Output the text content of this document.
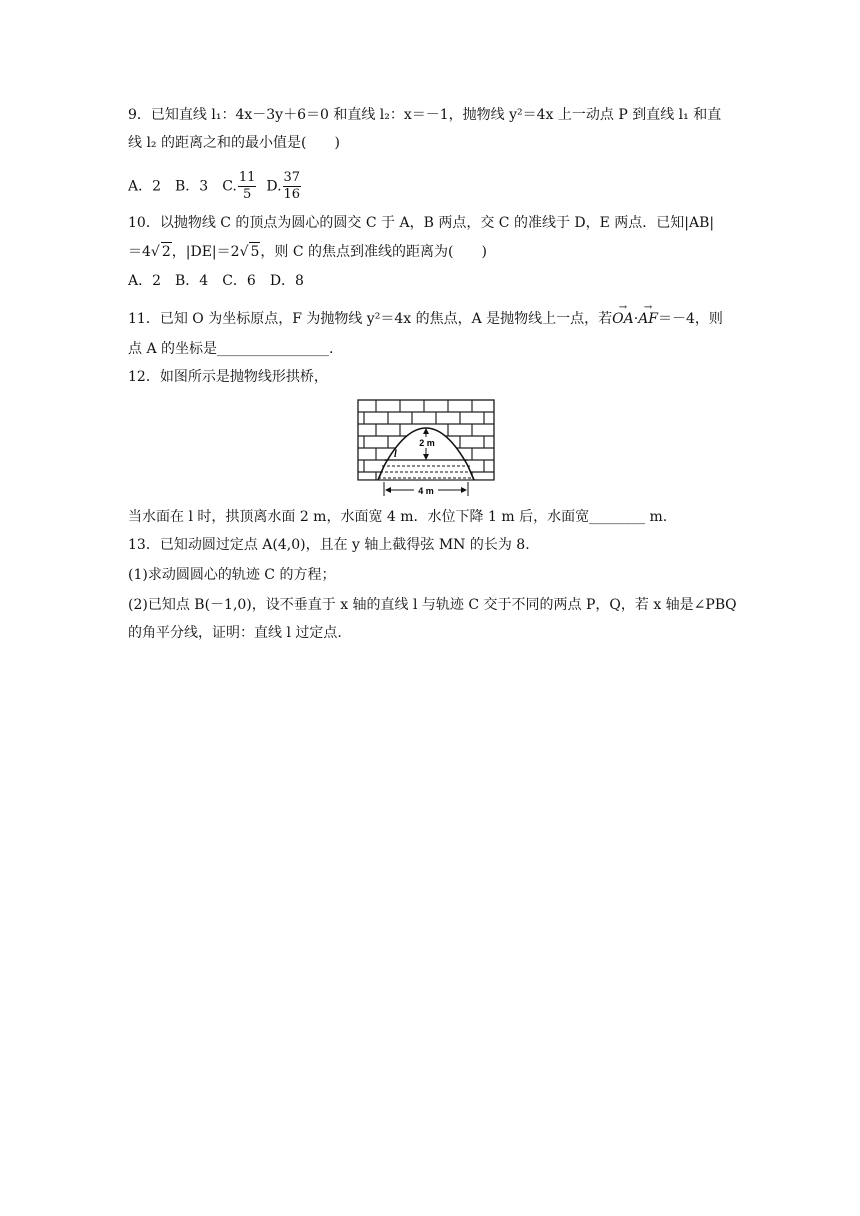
9．已知直线 l₁：4x－3y＋6＝0 和直线 l₂：x＝－1，抛物线 y²＝4x 上一动点 P 到直线 l₁ 和直
线 l₂ 的距离之和的最小值是(　　)
A．2　B．3　C. $\frac{11}{5} D$. $\frac{37}{16}$
10．以抛物线 C 的顶点为圆心的圆交 C 于 A，B 两点，交 C 的准线于 D，E 两点．已知|AB|
＝4√ 2，|DE|＝2√ 5，则 C 的焦点到准线的距离为(　　)
A．2　B．4　C．6　D．8
11．已知 O 为坐标原点，F 为抛物线 y²＝4x 的焦点，A 是抛物线上一点，若→ OA·→ AF＝－4，则
点 A 的坐标是________________.
12．如图所示是抛物线形拱桥，
2 m
l
4 m
当水面在 l 时，拱顶离水面 2 m，水面宽 4 m．水位下降 1 m 后，水面宽________ m.
13．已知动圆过定点 A(4,0)，且在 y 轴上截得弦 MN 的长为 8.
(1)求动圆圆心的轨迹 C 的方程；
(2)已知点 B(－1,0)，设不垂直于 x 轴的直线 l 与轨迹 C 交于不同的两点 P，Q，若 x 轴是∠PBQ
的角平分线，证明：直线 l 过定点.
